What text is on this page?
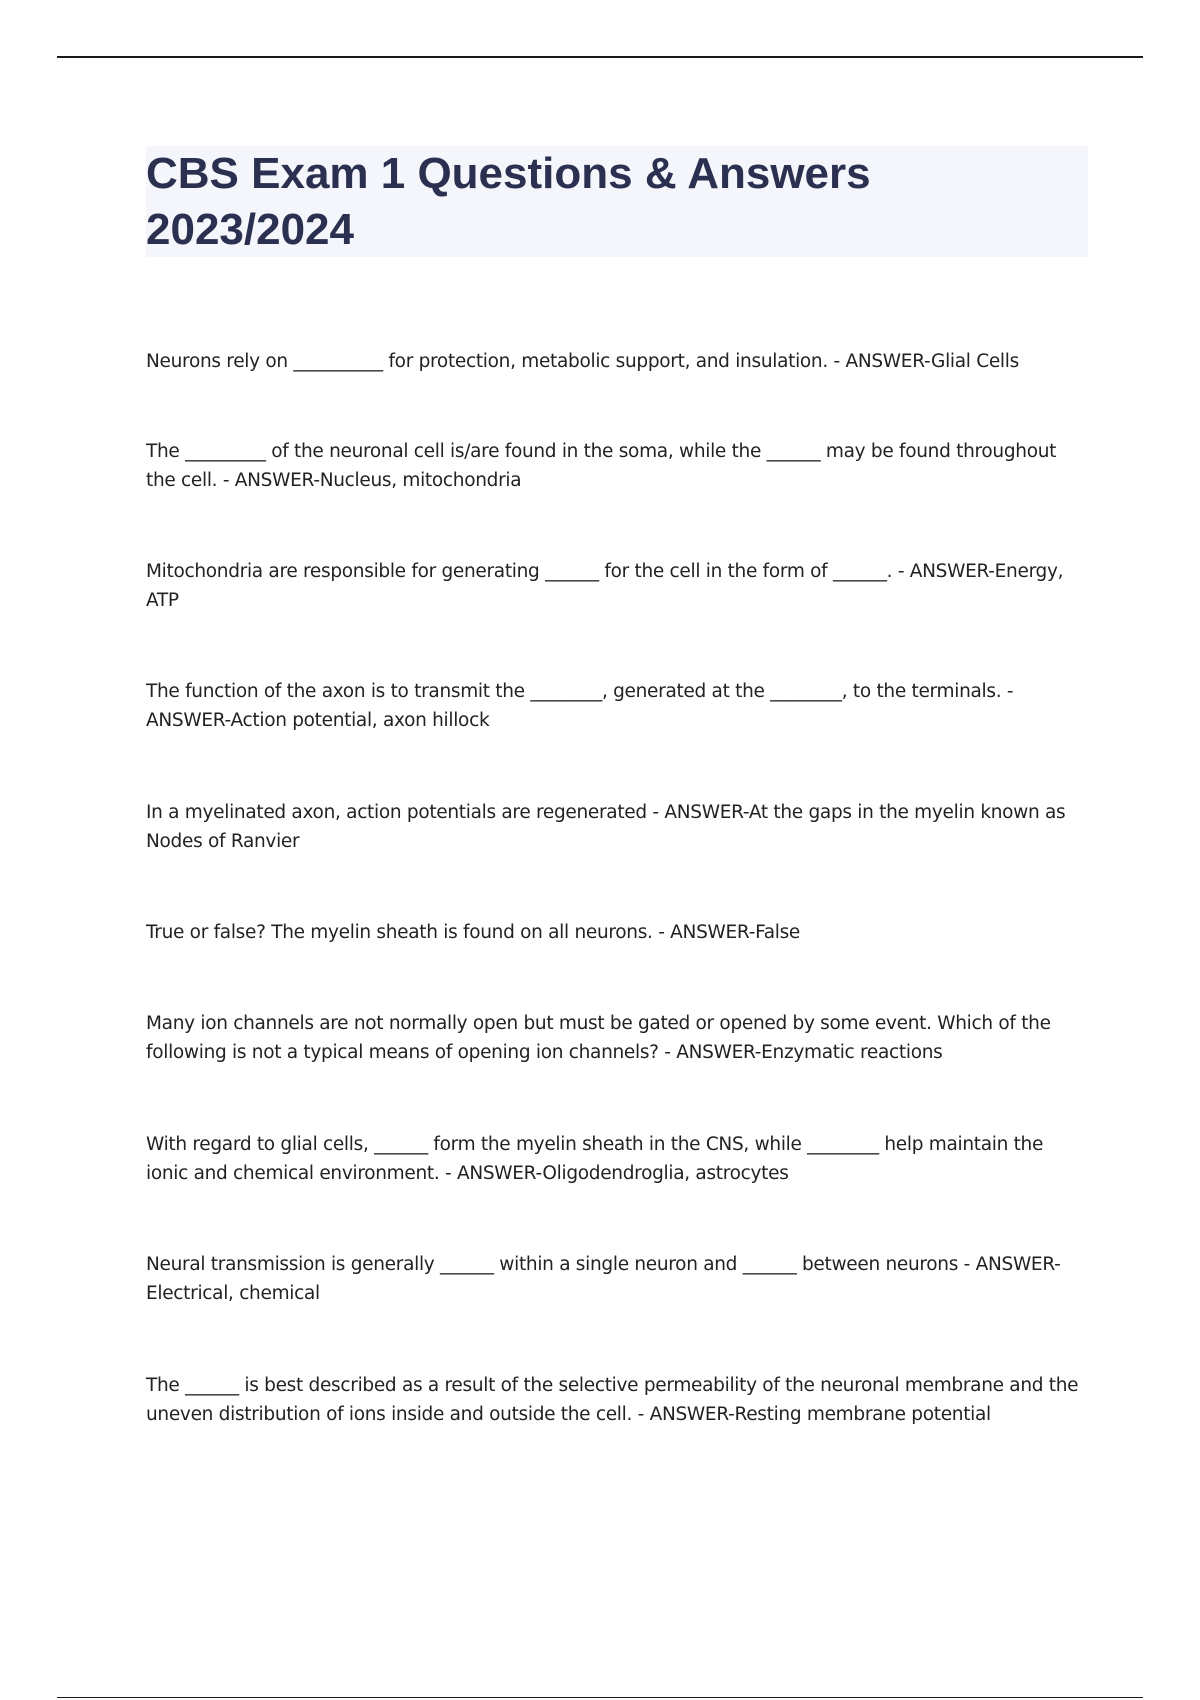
CBS Exam 1 Questions & Answers 2023/2024

Neurons rely on __________ for protection, metabolic support, and insulation. - ANSWER-Glial Cells

The _________ of the neuronal cell is/are found in the soma, while the ______ may be found throughout the cell. - ANSWER-Nucleus, mitochondria

Mitochondria are responsible for generating ______ for the cell in the form of ______. - ANSWER-Energy, ATP

The function of the axon is to transmit the ________, generated at the ________, to the terminals. - ANSWER-Action potential, axon hillock

In a myelinated axon, action potentials are regenerated - ANSWER-At the gaps in the myelin known as Nodes of Ranvier

True or false? The myelin sheath is found on all neurons. - ANSWER-False

Many ion channels are not normally open but must be gated or opened by some event. Which of the following is not a typical means of opening ion channels? - ANSWER-Enzymatic reactions

With regard to glial cells, ______ form the myelin sheath in the CNS, while ________ help maintain the ionic and chemical environment. - ANSWER-Oligodendroglia, astrocytes

Neural transmission is generally ______ within a single neuron and ______ between neurons - ANSWER-Electrical, chemical

The ______ is best described as a result of the selective permeability of the neuronal membrane and the uneven distribution of ions inside and outside the cell. - ANSWER-Resting membrane potential
